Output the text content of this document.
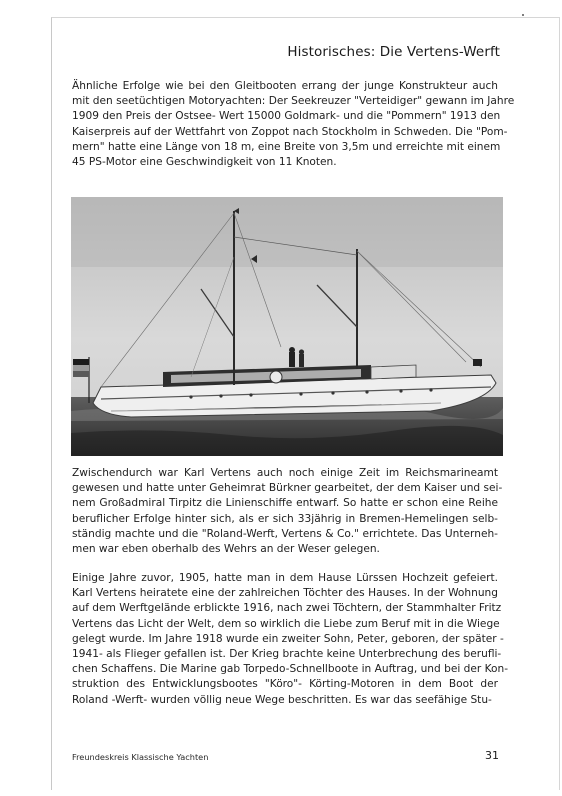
Historisches: Die Vertens-Werft
Ähnliche Erfolge wie bei den Gleitbooten errang der junge Konstrukteur auch
mit den seetüchtigen Motoryachten: Der Seekreuzer "Verteidiger" gewann im Jahre
1909 den Preis der Ostsee- Wert 15000 Goldmark- und die "Pommern" 1913 den
Kaiserpreis auf der Wettfahrt von Zoppot nach Stockholm in Schweden. Die "Pom-
mern" hatte eine Länge von 18 m, eine Breite von 3,5m und erreichte mit einem
45 PS-Motor eine Geschwindigkeit von 11 Knoten.
Zwischendurch war Karl Vertens auch noch einige Zeit im Reichsmarineamt
gewesen und hatte unter Geheimrat Bürkner gearbeitet, der dem Kaiser und sei-
nem Großadmiral Tirpitz die Linienschiffe entwarf. So hatte er schon eine Reihe
beruflicher Erfolge hinter sich, als er sich 33jährig in Bremen-Hemelingen selb-
ständig machte und die "Roland-Werft, Vertens & Co." errichtete. Das Unterneh-
men war eben oberhalb des Wehrs an der Weser gelegen.
Einige Jahre zuvor, 1905, hatte man in dem Hause Lürssen Hochzeit gefeiert.
Karl Vertens heiratete eine der zahlreichen Töchter des Hauses. In der Wohnung
auf dem Werftgelände erblickte 1916, nach zwei Töchtern, der Stammhalter Fritz
Vertens das Licht der Welt, dem so wirklich die Liebe zum Beruf mit in die Wiege
gelegt wurde. Im Jahre 1918 wurde ein zweiter Sohn, Peter, geboren, der später -
1941- als Flieger gefallen ist. Der Krieg brachte keine Unterbrechung des berufli-
chen Schaffens. Die Marine gab Torpedo-Schnellboote in Auftrag, und bei der Kon-
struktion des Entwicklungsbootes "Köro"- Körting-Motoren in dem Boot der
Roland -Werft- wurden völlig neue Wege beschritten. Es war das seefähige Stu-
Freundeskreis Klassische Yachten	31
